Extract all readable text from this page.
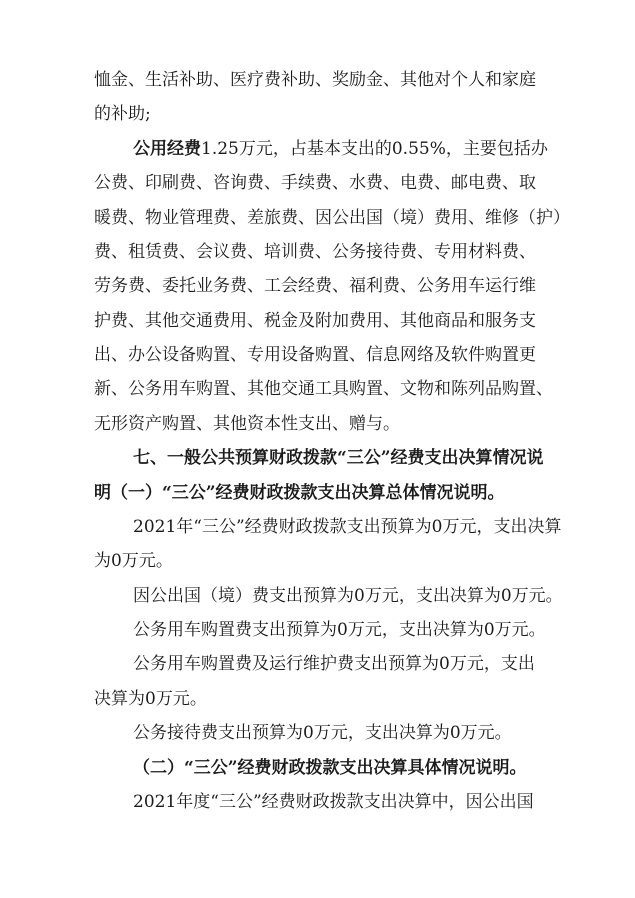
恤金、生活补助、医疗费补助、奖励金、其他对个人和家庭
的补助;
公用经费1.25万元，占基本支出的0.55%，主要包括办
公费、印刷费、咨询费、手续费、水费、电费、邮电费、取
暖费、物业管理费、差旅费、因公出国（境）费用、维修（护）
费、租赁费、会议费、培训费、公务接待费、专用材料费、
劳务费、委托业务费、工会经费、福利费、公务用车运行维
护费、其他交通费用、税金及附加费用、其他商品和服务支
出、办公设备购置、专用设备购置、信息网络及软件购置更
新、公务用车购置、其他交通工具购置、文物和陈列品购置、
无形资产购置、其他资本性支出、赠与。
七、一般公共预算财政拨款“三公”经费支出决算情况说
明（一）“三公”经费财政拨款支出决算总体情况说明。
2021年“三公”经费财政拨款支出预算为0万元，支出决算
为0万元。
因公出国（境）费支出预算为0万元，支出决算为0万元。
公务用车购置费支出预算为0万元，支出决算为0万元。
公务用车购置费及运行维护费支出预算为0万元，支出
决算为0万元。
公务接待费支出预算为0万元，支出决算为0万元。
（二）“三公”经费财政拨款支出决算具体情况说明。
2021年度“三公”经费财政拨款支出决算中，因公出国
